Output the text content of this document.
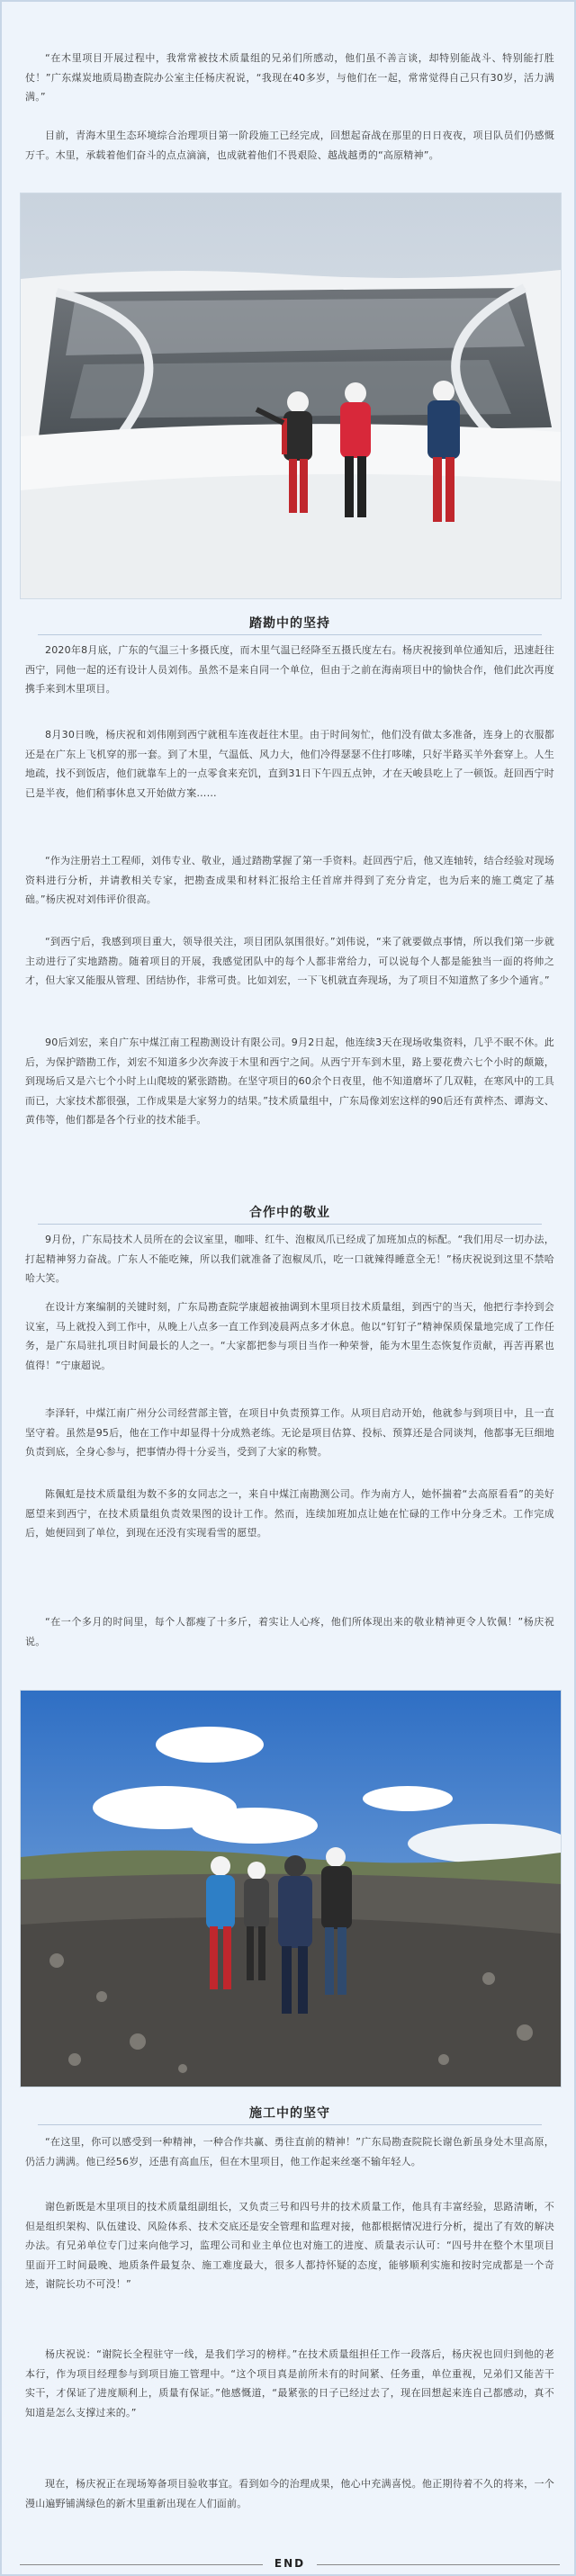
“在木里项目开展过程中，我常常被技术质量组的兄弟们所感动，他们虽不善言谈，却特别能战斗、特别能打胜仗！”广东煤炭地质局勘查院办公室主任杨庆祝说，“我现在40多岁，与他们在一起，常常觉得自己只有30岁，活力满满。”

目前，青海木里生态环境综合治理项目第一阶段施工已经完成，回想起奋战在那里的日日夜夜，项目队员们仍感慨万千。木里，承载着他们奋斗的点点滴滴，也成就着他们不畏艰险、越战越勇的“高原精神”。

踏勘中的坚持

2020年8月底，广东的气温三十多摄氏度，而木里气温已经降至五摄氏度左右。杨庆祝接到单位通知后，迅速赶往西宁，同他一起的还有设计人员刘伟。虽然不是来自同一个单位，但由于之前在海南项目中的愉快合作，他们此次再度携手来到木里项目。

8月30日晚，杨庆祝和刘伟刚到西宁就租车连夜赶往木里。由于时间匆忙，他们没有做太多准备，连身上的衣服都还是在广东上飞机穿的那一套。到了木里，气温低、风力大，他们冷得瑟瑟不住打哆嗦，只好半路买羊外套穿上。人生地疏，找不到饭店，他们就靠车上的一点零食来充饥，直到31日下午四五点钟，才在天峻县吃上了一顿饭。赶回西宁时已是半夜，他们稍事休息又开始做方案……

“作为注册岩土工程师，刘伟专业、敬业，通过踏勘掌握了第一手资料。赶回西宁后，他又连轴转，结合经验对现场资料进行分析，并请教相关专家，把勘查成果和材料汇报给主任首席并得到了充分肯定，也为后来的施工奠定了基础。”杨庆祝对刘伟评价很高。

“到西宁后，我感到项目重大，领导很关注，项目团队氛围很好。”刘伟说，“来了就要做点事情，所以我们第一步就主动进行了实地踏勘。随着项目的开展，我感觉团队中的每个人都非常给力，可以说每个人都是能独当一面的将帅之才，但大家又能服从管理、团结协作，非常可贵。比如刘宏，一下飞机就直奔现场，为了项目不知道熬了多少个通宵。”

90后刘宏，来自广东中煤江南工程勘测设计有限公司。9月2日起，他连续3天在现场收集资料，几乎不眠不休。此后，为保护踏勘工作，刘宏不知道多少次奔波于木里和西宁之间。从西宁开车到木里，路上要花费六七个小时的颠簸，到现场后又是六七个小时上山爬坡的紧张踏勘。在坚守项目的60余个日夜里，他不知道磨坏了几双鞋，在寒风中的工具而已，大家技术都很强，工作成果是大家努力的结果。”技术质量组中，广东局像刘宏这样的90后还有黄梓杰、谭海文、黄伟等，他们都是各个行业的技术能手。

合作中的敬业

9月份，广东局技术人员所在的会议室里，咖啡、红牛、泡椒凤爪已经成了加班加点的标配。“我们用尽一切办法，打起精神努力奋战。广东人不能吃辣，所以我们就准备了泡椒凤爪，吃一口就辣得睡意全无！”杨庆祝说到这里不禁哈哈大笑。

在设计方案编制的关键时刻，广东局勘查院学康超被抽调到木里项目技术质量组，到西宁的当天，他把行李拎到会议室，马上就投入到工作中，从晚上八点多一直工作到凌晨两点多才休息。他以“钉钉子”精神保质保量地完成了工作任务，是广东局驻扎项目时间最长的人之一。“大家都把参与项目当作一种荣誉，能为木里生态恢复作贡献，再苦再累也值得！”宁康超说。

李泽轩，中煤江南广州分公司经营部主管，在项目中负责预算工作。从项目启动开始，他就参与到项目中，且一直坚守着。虽然是95后，他在工作中却显得十分成熟老练。无论是项目估算、投标、预算还是合同谈判，他都事无巨细地负责到底，全身心参与，把事情办得十分妥当，受到了大家的称赞。

陈佩虹是技术质量组为数不多的女同志之一，来自中煤江南勘测公司。作为南方人，她怀揣着“去高原看看”的美好愿望来到西宁，在技术质量组负责效果图的设计工作。然而，连续加班加点让她在忙碌的工作中分身乏术。工作完成后，她便回到了单位，到现在还没有实现看雪的愿望。

“在一个多月的时间里，每个人都瘦了十多斤，着实让人心疼，他们所体现出来的敬业精神更令人钦佩！”杨庆祝说。

施工中的坚守

“在这里，你可以感受到一种精神，一种合作共赢、勇往直前的精神！”广东局勘查院院长谢色新虽身处木里高原，仍活力满满。他已经56岁，还患有高血压，但在木里项目，他工作起来丝毫不输年轻人。

谢色新既是木里项目的技术质量组副组长，又负责三号和四号井的技术质量工作，他具有丰富经验，思路清晰，不但是组织架构、队伍建设、风险体系、技术交底还是安全管理和监理对接，他都根据情况进行分析，提出了有效的解决办法。有兄弟单位专门过来向他学习，监理公司和业主单位也对施工的进度、质量表示认可：“四号井在整个木里项目里面开工时间最晚、地质条件最复杂、施工难度最大，很多人都持怀疑的态度，能够顺利实施和按时完成都是一个奇迹，谢院长功不可没！”

杨庆祝说：“谢院长全程驻守一线，是我们学习的榜样。”在技术质量组担任工作一段落后，杨庆祝也回归到他的老本行，作为项目经理参与到项目施工管理中。“这个项目真是前所未有的时间紧、任务重，单位重视，兄弟们又能苦干实干，才保证了进度顺利上，质量有保证。”他感慨道，“最紧张的日子已经过去了，现在回想起来连自己都感动，真不知道是怎么支撑过来的。”

现在，杨庆祝正在现场筹备项目验收事宜。看到如今的治理成果，他心中充满喜悦。他正期待着不久的将来，一个漫山遍野铺满绿色的新木里重新出现在人们面前。

END
